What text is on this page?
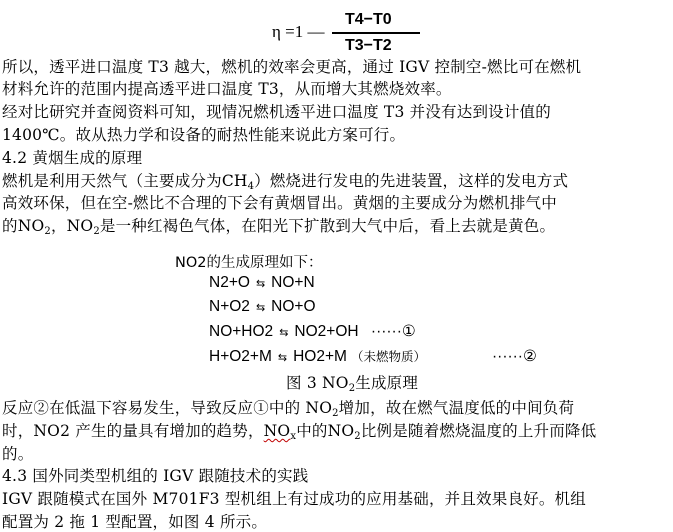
η =1 —
T4−T0
T3−T2
所以，透平进口温度 T3 越大，燃机的效率会更高，通过 IGV 控制空-燃比可在燃机
材料允许的范围内提高透平进口温度 T3，从而增大其燃烧效率。
经对比研究并查阅资料可知，现情况燃机透平进口温度 T3 并没有达到设计值的
1400℃。故从热力学和设备的耐热性能来说此方案可行。
4.2 黄烟生成的原理
燃机是利用天然气（主要成分为$CH_4$）燃烧进行发电的先进装置，这样的发电方式
高效环保，但在空-燃比不合理的下会有黄烟冒出。黄烟的主要成分为燃机排气中
的$NO_2$，$NO_2$是一种红褐色气体，在阳光下扩散到大气中后，看上去就是黄色。
NO2的生成原理如下：
N2+O ⇆ NO+N
N+O2 ⇆ NO+O
NO+HO2 ⇆ NO2+OH ······①
H+O2+M ⇆ HO2+M （未燃物质）	······②
图 3 $NO_2$生成原理
反应②在低温下容易发生，导致反应①中的 $NO_2$增加，故在燃气温度低的中间负荷
时，NO2 产生的量具有增加的趋势，$NO_x$中的$NO_2$比例是随着燃烧温度的上升而降低
的。
4.3 国外同类型机组的 IGV 跟随技术的实践
IGV 跟随模式在国外 M701F3 型机组上有过成功的应用基础，并且效果良好。机组
配置为 2 拖 1 型配置，如图 4 所示。
